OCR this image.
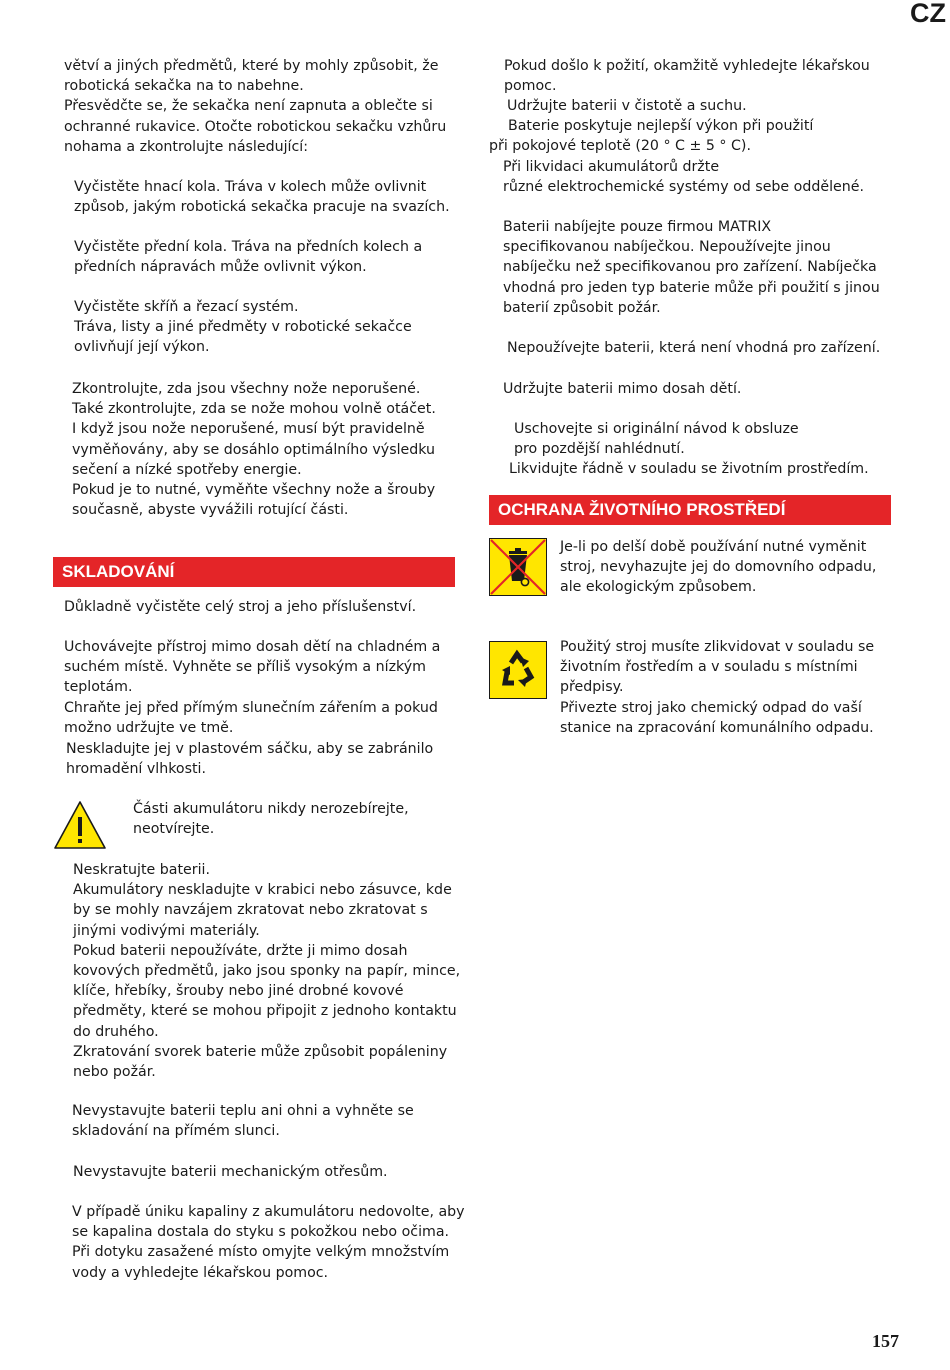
CZ
větví a jiných předmětů, které by mohly způsobit, že
robotická sekačka na to nabehne.
Přesvědčte se, že sekačka není zapnuta a oblečte si
ochranné rukavice. Otočte robotickou sekačku vzhůru
nohama a zkontrolujte následující:
Vyčistěte hnací kola. Tráva v kolech může ovlivnit
způsob, jakým robotická sekačka pracuje na svazích.
Vyčistěte přední kola. Tráva na předních kolech a
předních nápravách může ovlivnit výkon.
Vyčistěte skříň a řezací systém.
Tráva, listy a jiné předměty v robotické sekačce
ovlivňují její výkon.
Zkontrolujte, zda jsou všechny nože neporušené.
Také zkontrolujte, zda se nože mohou volně otáčet.
I když jsou nože neporušené, musí být pravidelně
vyměňovány, aby se dosáhlo optimálního výsledku
sečení a nízké spotřeby energie.
Pokud je to nutné, vyměňte všechny nože a šrouby
současně, abyste vyvážili rotující části.
SKLADOVÁNÍ
Důkladně vyčistěte celý stroj a jeho příslušenství.
Uchovávejte přístroj mimo dosah dětí na chladném a
suchém místě. Vyhněte se příliš vysokým a nízkým
teplotám.
Chraňte jej před přímým slunečním zářením a pokud
možno udržujte ve tmě.
Neskladujte jej v plastovém sáčku, aby se zabránilo
hromadění vlhkosti.
Části akumulátoru nikdy nerozebírejte,
neotvírejte.
Neskratujte baterii.
Akumulátory neskladujte v krabici nebo zásuvce, kde
by se mohly navzájem zkratovat nebo zkratovat s
jinými vodivými materiály.
Pokud baterii nepoužíváte, držte ji mimo dosah
kovových předmětů, jako jsou sponky na papír, mince,
klíče, hřebíky, šrouby nebo jiné drobné kovové
předměty, které se mohou připojit z jednoho kontaktu
do druhého.
Zkratování svorek baterie může způsobit popáleniny
nebo požár.
Nevystavujte baterii teplu ani ohni a vyhněte se
skladování na přímém slunci.
Nevystavujte baterii mechanickým otřesům.
V případě úniku kapaliny z akumulátoru nedovolte, aby
se kapalina dostala do styku s pokožkou nebo očima.
Při dotyku zasažené místo omyjte velkým množstvím
vody a vyhledejte lékařskou pomoc.
Pokud došlo k požití, okamžitě vyhledejte lékařskou
pomoc.
Udržujte baterii v čistotě a suchu.
Baterie poskytuje nejlepší výkon při použití
při pokojové teplotě (20 ° C ± 5 ° C).
Při likvidaci akumulátorů držte
různé elektrochemické systémy od sebe oddělené.
Baterii nabíjejte pouze firmou MATRIX
specifikovanou nabíječkou. Nepoužívejte jinou
nabíječku než specifikovanou pro zařízení. Nabíječka
vhodná pro jeden typ baterie může při použití s jinou
baterií způsobit požár.
Nepoužívejte baterii, která není vhodná pro zařízení.
Udržujte baterii mimo dosah dětí.
Uschovejte si originální návod k obsluze
pro pozdější nahlédnutí.
Likvidujte řádně v souladu se životním prostředím.
OCHRANA ŽIVOTNÍHO PROSTŘEDÍ
Je-li po delší době používání nutné vyměnit
stroj, nevyhazujte jej do domovního odpadu,
ale ekologickým způsobem.
Použitý stroj musíte zlikvidovat v souladu se
životním řostředím a v souladu s místními
předpisy.
Přivezte stroj jako chemický odpad do vaší
stanice na zpracování komunálního odpadu.
157
